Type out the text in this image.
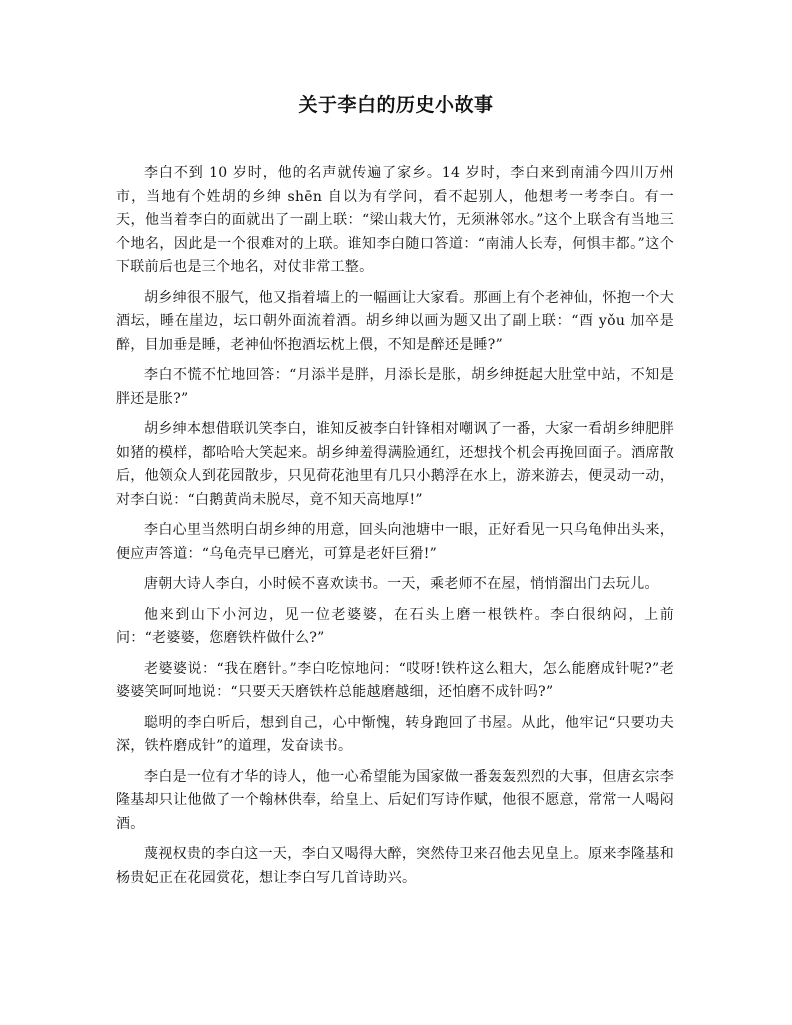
关于李白的历史小故事

李白不到 10 岁时，他的名声就传遍了家乡。14 岁时，李白来到南浦今四川万州市，当地有个姓胡的乡绅 shēn 自以为有学问，看不起别人，他想考一考李白。有一天，他当着李白的面就出了一副上联：“梁山栽大竹，无须淋邻水。”这个上联含有当地三个地名，因此是一个很难对的上联。谁知李白随口答道：“南浦人长寿，何惧丰都。”这个下联前后也是三个地名，对仗非常工整。

胡乡绅很不服气，他又指着墙上的一幅画让大家看。那画上有个老神仙，怀抱一个大酒坛，睡在崖边，坛口朝外面流着酒。胡乡绅以画为题又出了副上联：“酉 yǒu 加卒是醉，目加垂是睡，老神仙怀抱酒坛枕上偎，不知是醉还是睡?”

李白不慌不忙地回答：“月添半是胖，月添长是胀，胡乡绅挺起大肚堂中站，不知是胖还是胀?”

胡乡绅本想借联讥笑李白，谁知反被李白针锋相对嘲讽了一番，大家一看胡乡绅肥胖如猪的模样，都哈哈大笑起来。胡乡绅羞得满脸通红，还想找个机会再挽回面子。酒席散后，他领众人到花园散步，只见荷花池里有几只小鹅浮在水上，游来游去，便灵动一动，对李白说：“白鹅黄尚未脱尽，竟不知天高地厚!”

李白心里当然明白胡乡绅的用意，回头向池塘中一眼，正好看见一只乌龟伸出头来，便应声答道：“乌龟壳早已磨光，可算是老奸巨猾!”

唐朝大诗人李白，小时候不喜欢读书。一天，乘老师不在屋，悄悄溜出门去玩儿。

他来到山下小河边，见一位老婆婆，在石头上磨一根铁杵。李白很纳闷，上前问：“老婆婆，您磨铁杵做什么?”

老婆婆说：“我在磨针。”李白吃惊地问：“哎呀!铁杵这么粗大，怎么能磨成针呢?”老婆婆笑呵呵地说：“只要天天磨铁杵总能越磨越细，还怕磨不成针吗?”

聪明的李白听后，想到自己，心中惭愧，转身跑回了书屋。从此，他牢记“只要功夫深，铁杵磨成针”的道理，发奋读书。

李白是一位有才华的诗人，他一心希望能为国家做一番轰轰烈烈的大事，但唐玄宗李隆基却只让他做了一个翰林供奉，给皇上、后妃们写诗作赋，他很不愿意，常常一人喝闷酒。

蔑视权贵的李白这一天，李白又喝得大醉，突然侍卫来召他去见皇上。原来李隆基和杨贵妃正在花园赏花，想让李白写几首诗助兴。
